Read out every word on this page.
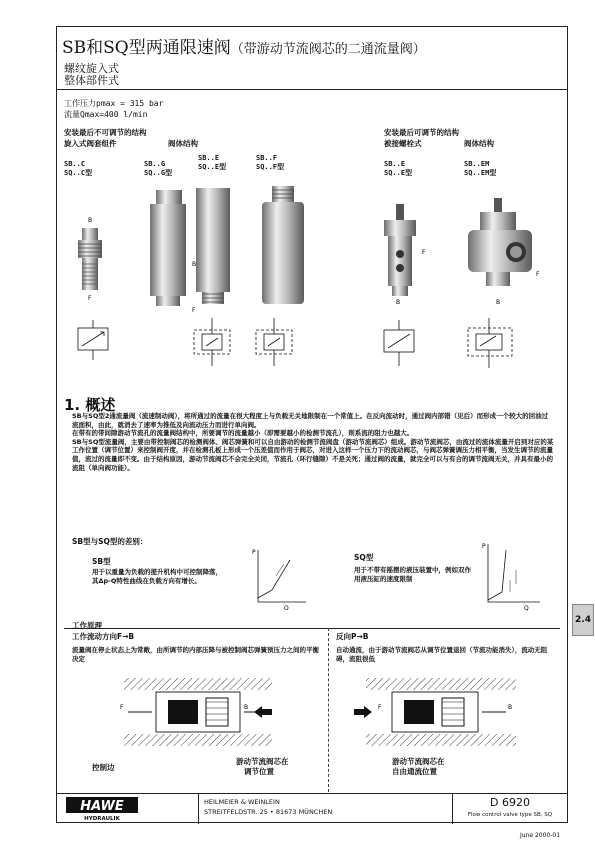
SB和SQ型两通限速阀（带游动节流阀芯的二通流量阀）
螺纹旋入式
整体部件式
工作压力pmax = 315 bar
流量Qmax=400 l/min
安装最后不可调节的结构
旋入式阀套组件	阀体结构
安装最后可调节的结构
被接螺栓式	阀体结构
SB..C
SQ..C型
SB..G
SQ..G型
SB..E
SQ..E型
SB..F
SQ..F型	SB..E
SQ..E型
SB..EM
SQ..EM型
B
F
B
F
F
B
F
B
1. 概述

SB与SQ型2通流量阀（流速制动阀），将所通过的流量在很大程度上与负载无关地限制在一个常值上。在反向流动时，通过阀内部错（见后）而形成一个较大的回油过流面积，由此，就消去了速率为推低及向流动压力而进行单向阀。

在带有的带间隙游动节流孔的流量阀结构中，所要调节的流量越小（即需要越小的检测节流孔），则系流的阻力也越大。

SB与SQ型流量阀，主要由带控制阀芯的检测阀体、阀芯弹簧和可以自由游动的检测节流阀盘（游动节流阀芯）组成。游动节流阀芯，由流过的流体流量开启到对应的某工作位置（调节位置）来控制阀开度，并在检测孔板上形成一个压差值而作用于阀芯，对进入这样一个压力下的流动阀芯，与阀芯弹簧调压力相平衡，当发生调节的流量值，流过的流量即不变。由于结构原因，游动节流阀芯不会完全关闭，节流孔（环行缝隙）不是关死；通过阀的流量，就完全可以与有合的调节流阀无关，并具有最小的流阻（单向阀功能）。

SB型与SQ型的差别：
SB型
用于以重量为负载的提升机构中可控制降落，其Δp-Q特性曲线在负载方向有增长。
SQ型
用于不带有摇摆的液压装置中，例如双作用液压缸的速度限制
P
Q
P
Q
2.4
工作原理
工作流动方向F→B	反向P→B
流量阀在停止状态上为常敞，由所调节的内部压降与被控制阀芯弹簧预压力之间的平衡决定
自动通流，由于游动节流阀芯从调节位置退回（节流功能消失），流动无阻碍，流阻很低
F	B	F	B
控制边
游动节流阀芯在
调节位置
游动节流阀芯在
自由通流位置
HAWE
HYDRAULIK
HEILMEIER & WEINLEIN
STREITFELDSTR. 25 • 81673 MÜNCHEN
D 6920
Flow control valve type SB, SQ
June 2000-01
